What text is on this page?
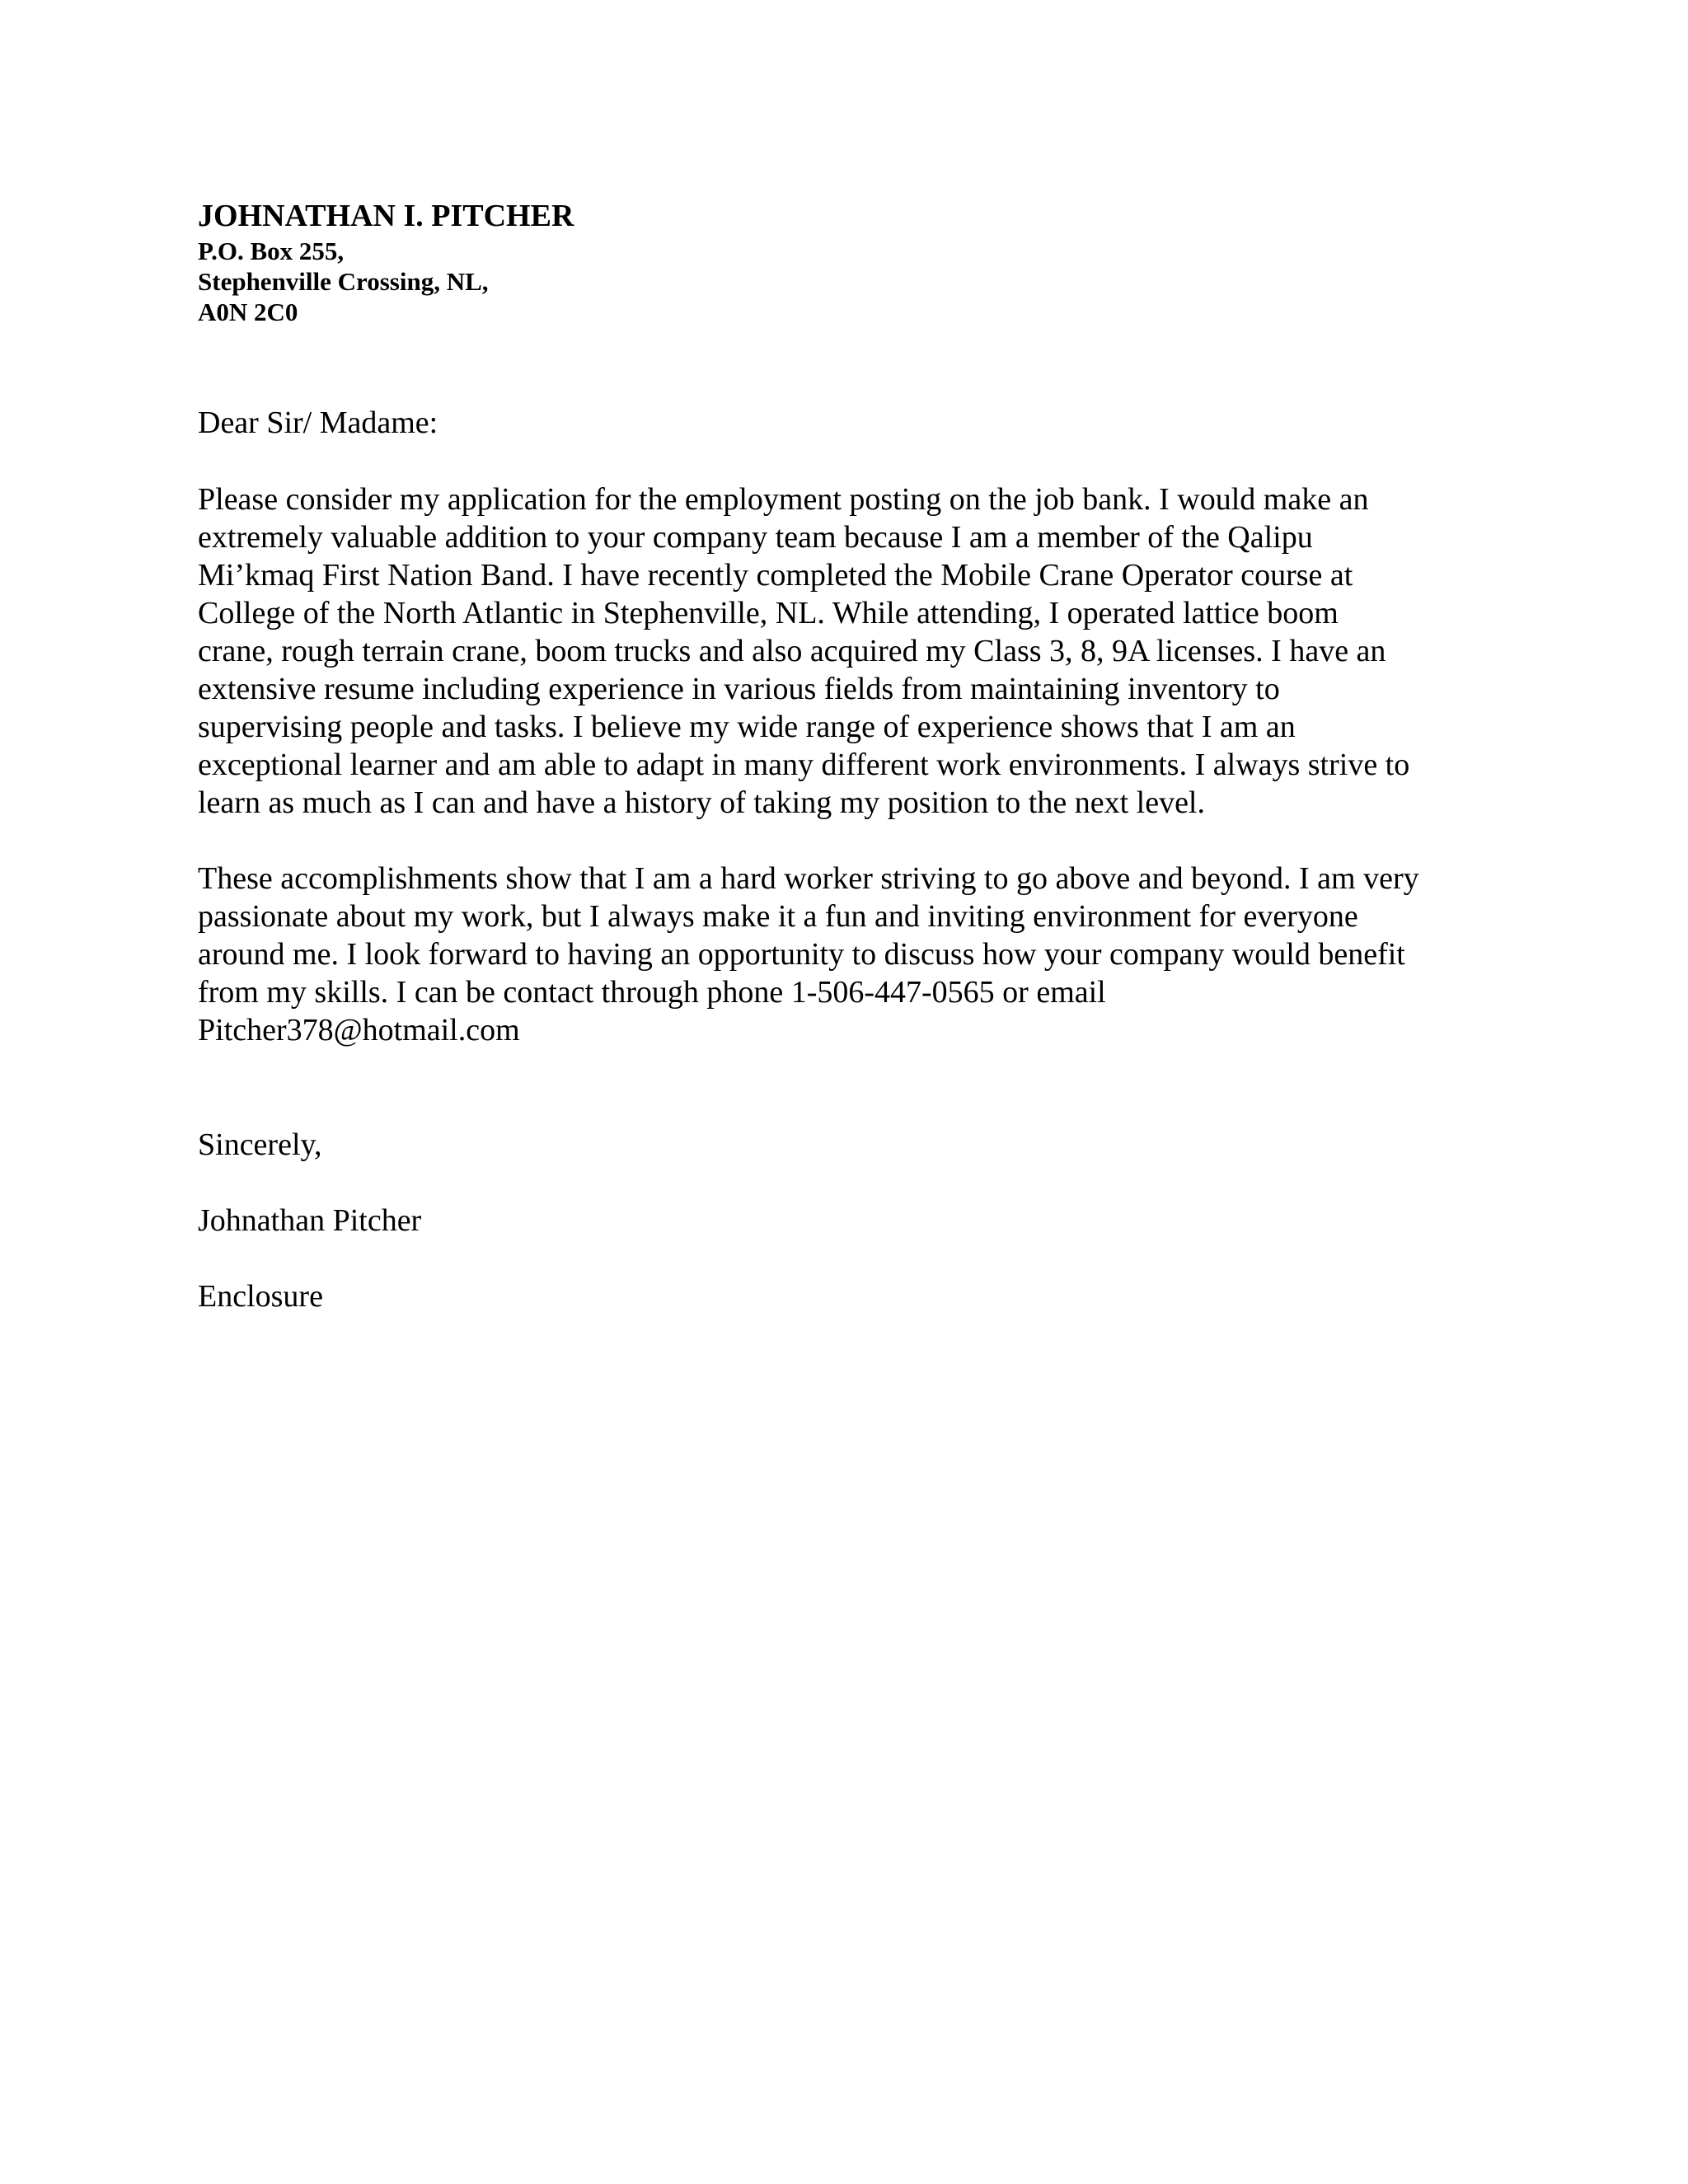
JOHNATHAN I. PITCHER
P.O. Box 255,
Stephenville Crossing, NL,
A0N 2C0
Dear Sir/ Madame:
Please consider my application for the employment posting on the job bank. I would make an
extremely valuable addition to your company team because I am a member of the Qalipu
Mi’kmaq First Nation Band. I have recently completed the Mobile Crane Operator course at
College of the North Atlantic in Stephenville, NL. While attending, I operated lattice boom
crane, rough terrain crane, boom trucks and also acquired my Class 3, 8, 9A licenses. I have an
extensive resume including experience in various fields from maintaining inventory to
supervising people and tasks. I believe my wide range of experience shows that I am an
exceptional learner and am able to adapt in many different work environments. I always strive to
learn as much as I can and have a history of taking my position to the next level.
These accomplishments show that I am a hard worker striving to go above and beyond. I am very
passionate about my work, but I always make it a fun and inviting environment for everyone
around me. I look forward to having an opportunity to discuss how your company would benefit
from my skills. I can be contact through phone 1-506-447-0565 or email
Pitcher378@hotmail.com
Sincerely,
Johnathan Pitcher
Enclosure
